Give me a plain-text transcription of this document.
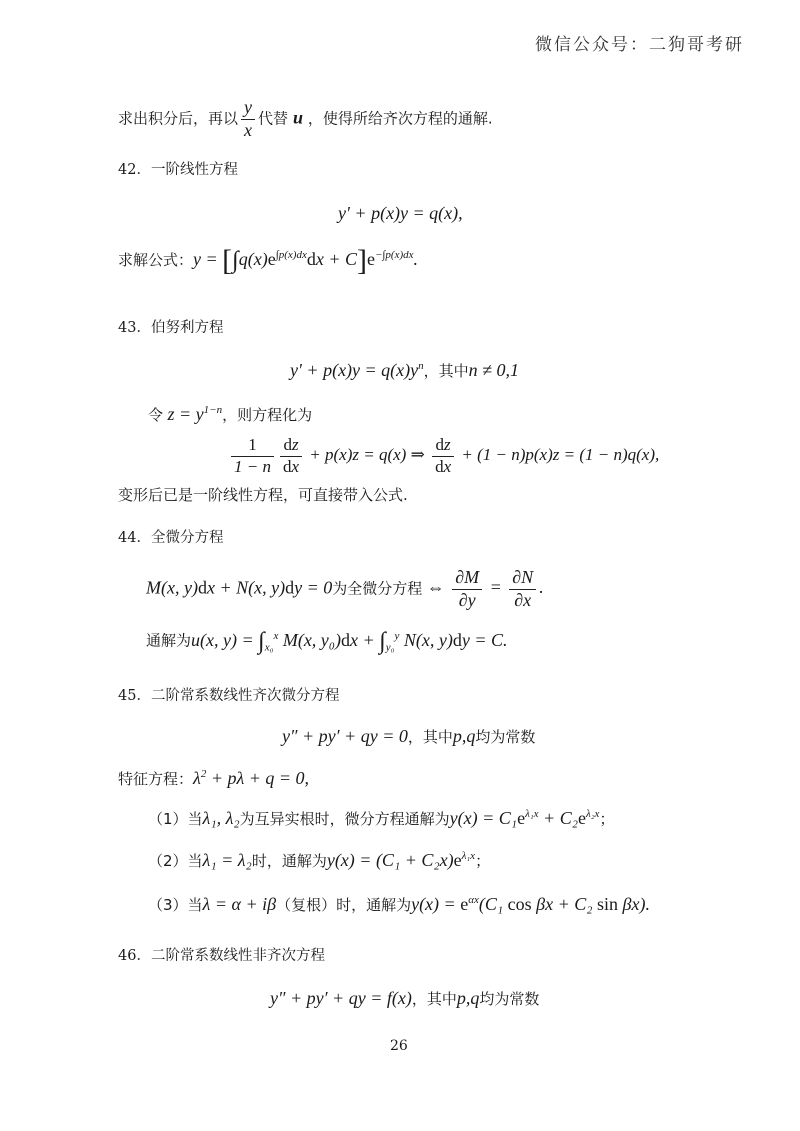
微信公众号：二狗哥考研
求出积分后，再以 $\frac{y}{x}$ 代替 u ，使得所给齐次方程的通解.
42．一阶线性方程
y′ + p(x)y = q(x),
求解公式：$y = [\int q(x)e^{\int p(x)dx}dx + C]e^{-\int p(x)dx}$.
43．伯努利方程
$y' + p(x)y = q(x)y^n$，其中n ≠ 0,1
令 $z = y^{1-n}$，则方程化为
$\frac{1}{1 - n} \frac{dz}{dx} + p(x)z = q(x)$ ⇒ $\frac{dz}{dx} + (1 - n)p(x)z = (1 - n)q(x)$,
变形后已是一阶线性方程，可直接带入公式.
44．全微分方程
M(x, y)dx + N(x, y)dy = 0为全微分方程 ⇔ $\frac{\partial M}{\partial y} = \frac{\partial N}{\partial x}$ .
通解为u(x, $y) = \int_{x_0}^x$ M(x, $y_0)dx + \int_{y_0}^y$ N(x, y)dy = C.
45．二阶常系数线性齐次微分方程
y″ + py′ + qy = 0，其中p,q均为常数
特征方程：$\lambda^2 + p\lambda + q = 0$,
（1）当λ₁, λ₂为互异实根时，微分方程通解为$y(x) = C_1e^{\lambda_1x} + C_2e^{\lambda_2x}$；
（2）当λ₁ = λ₂时，通解为$y(x) = (C_1 + C_2x)e^{\lambda_1x}$；
（3）当λ = α + iβ（复根）时，通解为$y(x) = e^{\alpha x}(C_1$ cos βx + C₂ sin βx).
46．二阶常系数线性非齐次方程
y″ + py′ + qy = f(x)，其中p,q均为常数
26
